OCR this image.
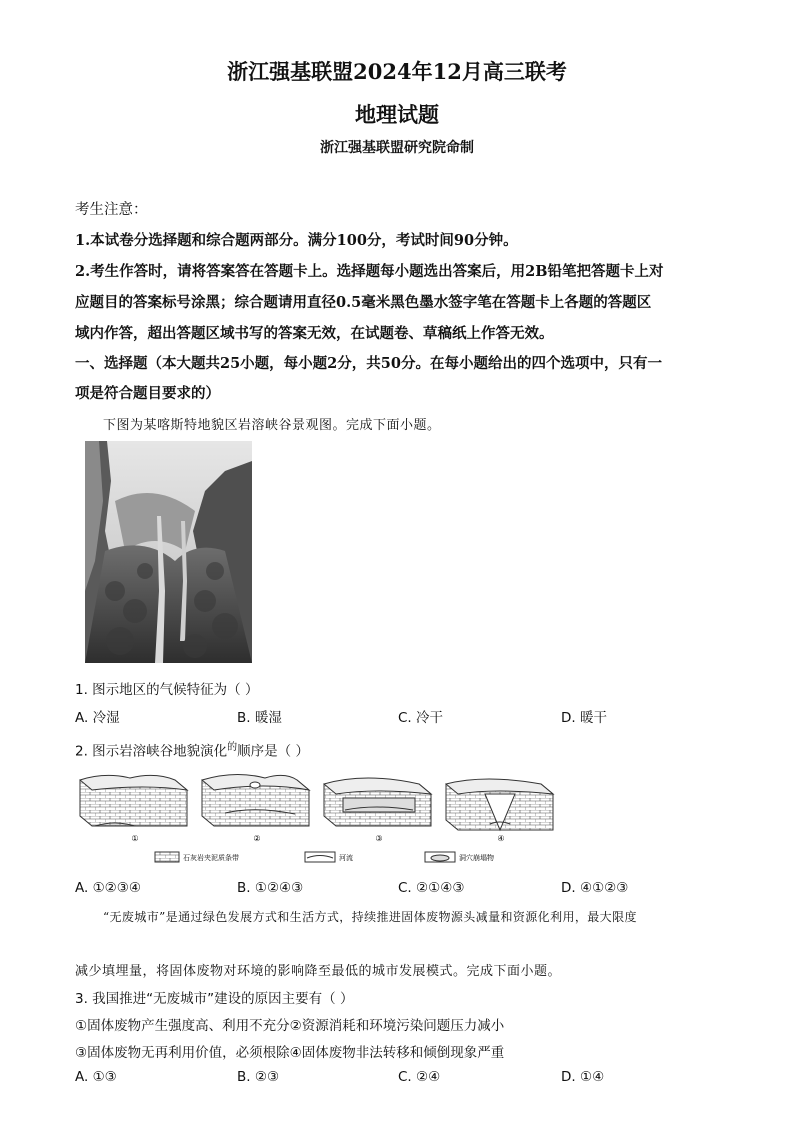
浙江强基联盟2024年12月高三联考
地理试题
浙江强基联盟研究院命制
考生注意：
1.本试卷分选择题和综合题两部分。满分100分，考试时间90分钟。
2.考生作答时，请将答案答在答题卡上。选择题每小题选出答案后，用2B铅笔把答题卡上对
应题目的答案标号涂黑；综合题请用直径0.5毫米黑色墨水签字笔在答题卡上各题的答题区
域内作答，超出答题区域书写的答案无效，在试题卷、草稿纸上作答无效。
一、选择题（本大题共25小题，每小题2分，共50分。在每小题给出的四个选项中，只有一
项是符合题目要求的）
下图为某喀斯特地貌区岩溶峡谷景观图。完成下面小题。
1. 图示地区的气候特征为（ ）
A. 冷湿	B. 暖湿	C. 冷干	D. 暖干
2. 图示岩溶峡谷地貌演化$^的$顺序是（ ）
①	②	③	④
石灰岩夹泥质条带	河流	洞穴崩塌物
A. ①②③④	B. ①②④③	C. ②①④③	D. ④①②③
“无废城市”是通过绿色发展方式和生活方式，持续推进固体废物源头减量和资源化利用，最大限度
减少填埋量，将固体废物对环境的影响降至最低的城市发展模式。完成下面小题。
3. 我国推进“无废城市”建设的原因主要有（ ）
①固体废物产生强度高、利用不充分②资源消耗和环境污染问题压力减小
③固体废物无再利用价值，必须根除④固体废物非法转移和倾倒现象严重
A. ①③	B. ②③	C. ②④	D. ①④
